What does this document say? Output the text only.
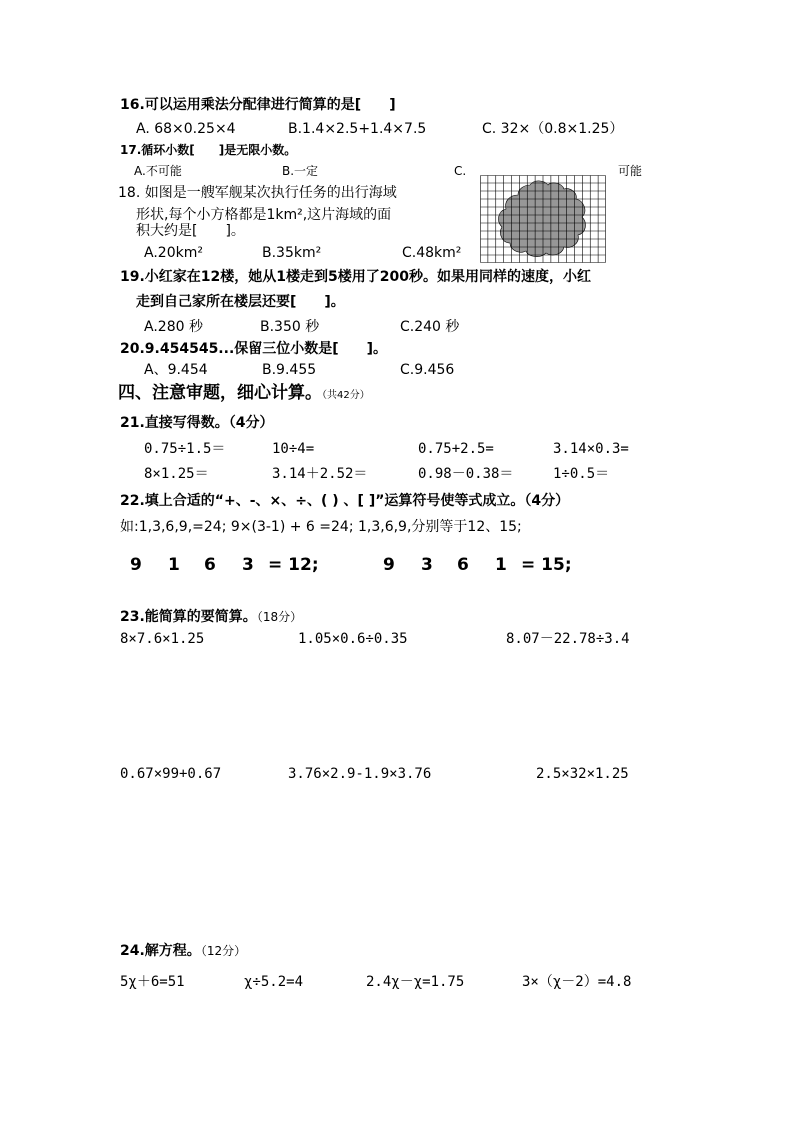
16.可以运用乘法分配律进行简算的是[　　]
A. 68×0.25×4	B.1.4×2.5+1.4×7.5	C. 32×（0.8×1.25）
17.循环小数[　　]是无限小数。
A.不可能	B.一定	C.	可能
18. 如图是一艘军舰某次执行任务的出行海域
形状,每个小方格都是1km²,这片海域的面
积大约是[　　]。
A.20km²	B.35km²	C.48km²
19.小红家在12楼，她从1楼走到5楼用了200秒。如果用同样的速度，小红
走到自己家所在楼层还要[　　]。
A.280 秒	B.350 秒	C.240 秒
20.9.454545...保留三位小数是[　　]。
A、9.454	B.9.455	C.9.456
四、注意审题，细心计算。（共42分）
21.直接写得数。（4分）
0.75÷1.5＝	10÷4=	0.75+2.5=	3.14×0.3=
8×1.25＝	3.14＋2.52＝	0.98－0.38＝	1÷0.5＝
22.填上合适的“+、-、×、÷、( ) 、[ ]”运算符号使等式成立。（4分）
如:1,3,6,9,=24; 9×(3-1) + 6 =24; 1,3,6,9,分别等于12、15;
9 1 6 3 = 12;	9 3 6 1 = 15;
23.能简算的要简算。（18分）
8×7.6×1.25	1.05×0.6÷0.35	8.07－22.78÷3.4
0.67×99+0.67	3.76×2.9-1.9×3.76	2.5×32×1.25
24.解方程。（12分）
5χ＋6=51	χ÷5.2=4	2.4χ－χ=1.75	3×（χ－2）=4.8
